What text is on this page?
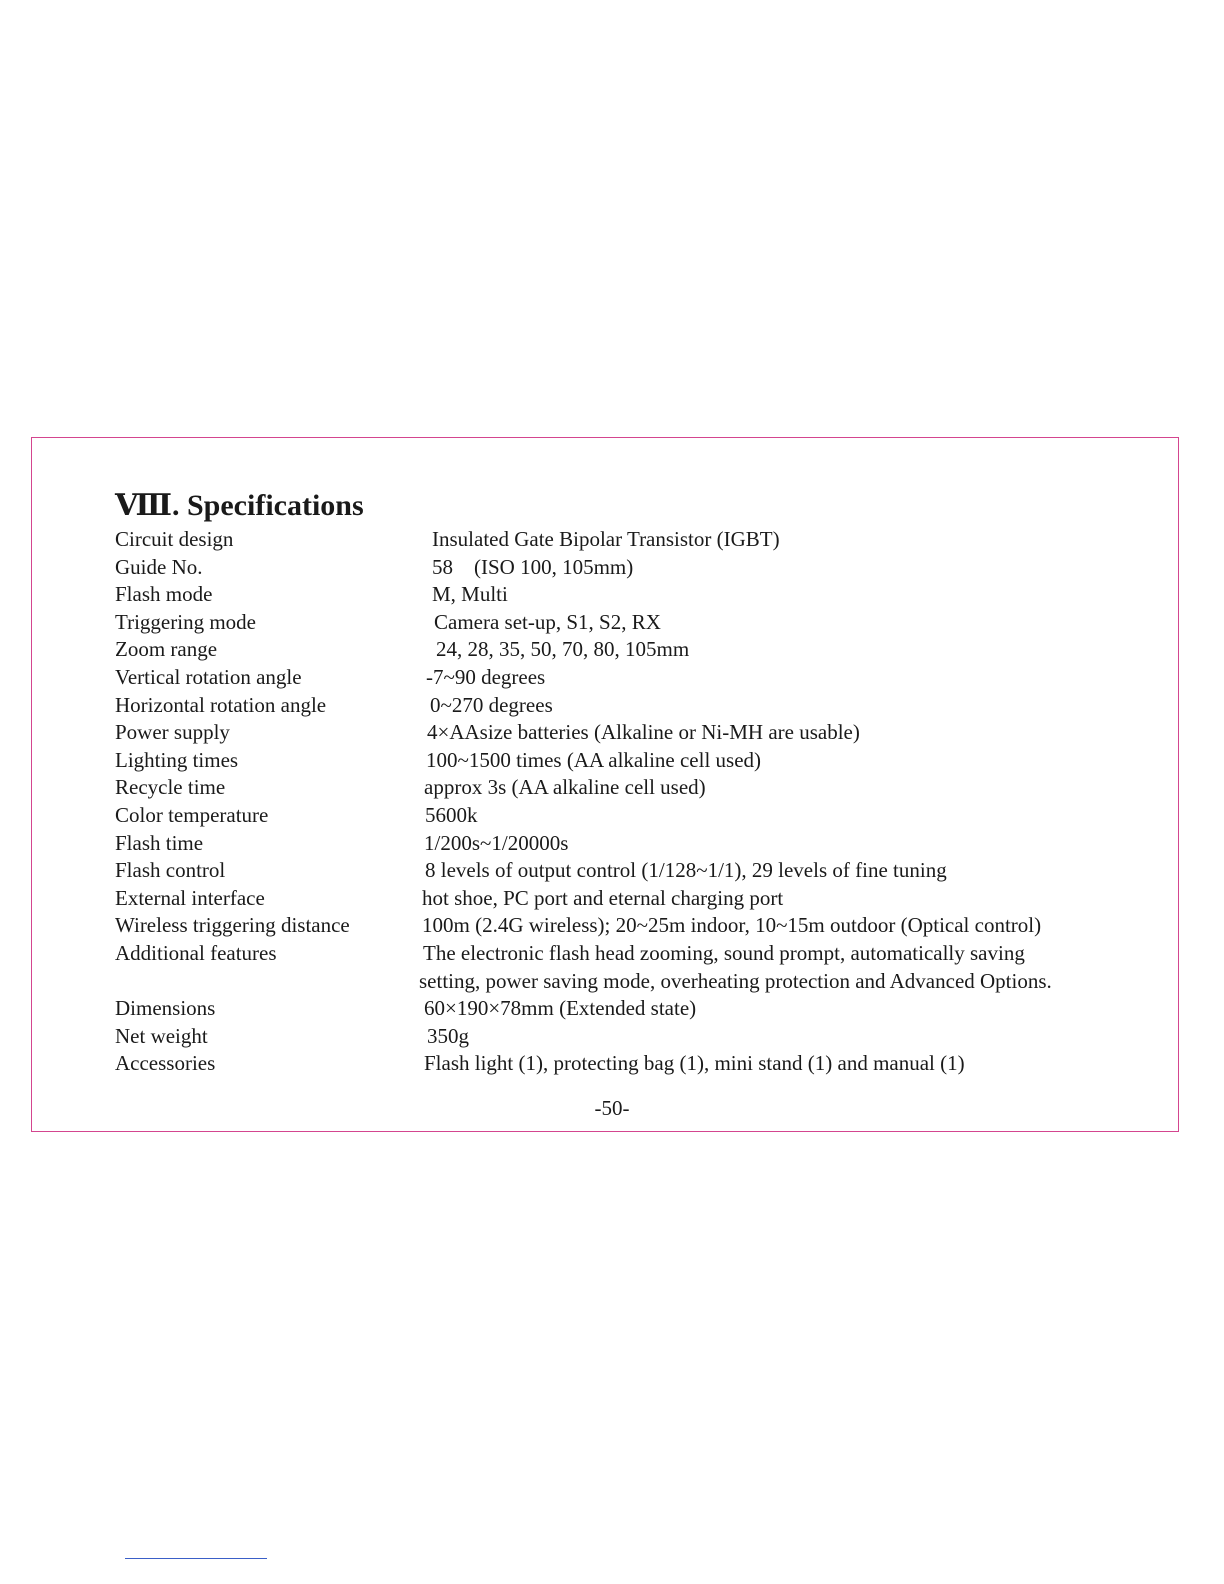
Ⅷ. Specifications
Circuit design	Insulated Gate Bipolar Transistor (IGBT)
Guide No.	58    (ISO 100, 105mm)
Flash mode	M, Multi
Triggering mode	Camera set-up, S1, S2, RX
Zoom range	24, 28, 35, 50, 70, 80, 105mm
Vertical rotation angle	-7~90 degrees
Horizontal rotation angle	0~270 degrees
Power supply	4×AAsize batteries (Alkaline or Ni-MH are usable)
Lighting times	100~1500 times (AA alkaline cell used)
Recycle time	approx 3s (AA alkaline cell used)
Color temperature	5600k
Flash time	1/200s~1/20000s
Flash control	8 levels of output control (1/128~1/1), 29 levels of fine tuning
External interface	hot shoe, PC port and eternal charging port
Wireless triggering distance	100m (2.4G wireless); 20~25m indoor, 10~15m outdoor (Optical control)
Additional features	The electronic flash head zooming, sound prompt, automatically saving setting, power saving mode, overheating protection and Advanced Options.
Dimensions	60×190×78mm (Extended state)
Net weight	350g
Accessories	Flash light (1), protecting bag (1), mini stand (1) and manual (1)
-50-
